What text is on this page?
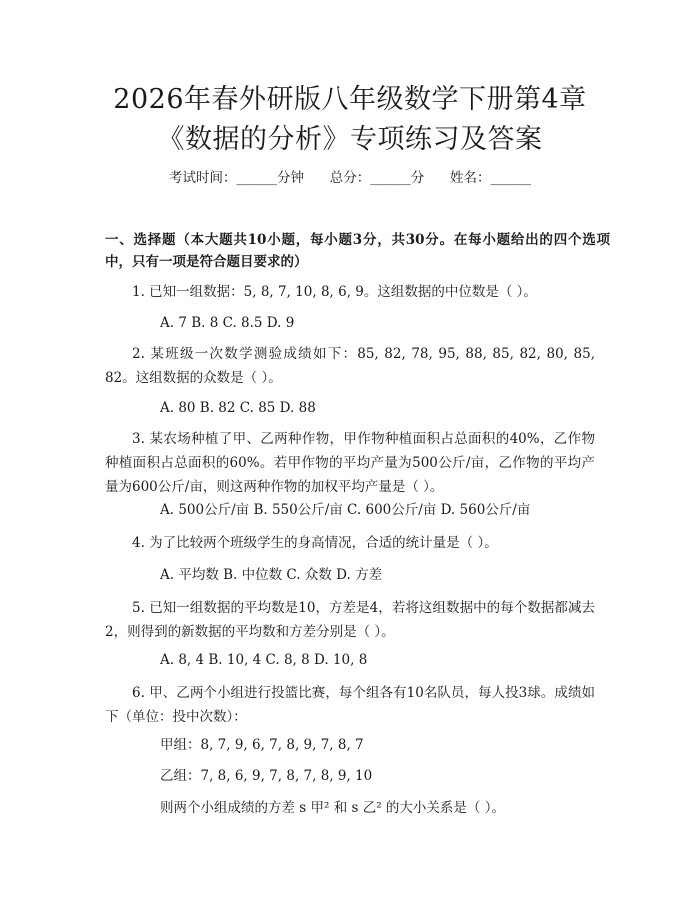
2026年春外研版八年级数学下册第4章《数据的分析》专项练习及答案
考试时间：______分钟      总分：______分      姓名：______
一、选择题（本大题共10小题，每小题3分，共30分。在每小题给出的四个选项中，只有一项是符合题目要求的）
1. 已知一组数据：5, 8, 7, 10, 8, 6, 9。这组数据的中位数是（ ）。
A. 7 B. 8 C. 8.5 D. 9
2. 某班级一次数学测验成绩如下：85, 82, 78, 95, 88, 85, 82, 80, 85, 82。这组数据的众数是（ ）。
A. 80 B. 82 C. 85 D. 88
3. 某农场种植了甲、乙两种作物，甲作物种植面积占总面积的40%，乙作物种植面积占总面积的60%。若甲作物的平均产量为500公斤/亩，乙作物的平均产量为600公斤/亩，则这两种作物的加权平均产量是（ ）。
A. 500公斤/亩 B. 550公斤/亩 C. 600公斤/亩 D. 560公斤/亩
4. 为了比较两个班级学生的身高情况，合适的统计量是（ ）。
A. 平均数 B. 中位数 C. 众数 D. 方差
5. 已知一组数据的平均数是10，方差是4，若将这组数据中的每个数据都减去2，则得到的新数据的平均数和方差分别是（ ）。
A. 8, 4 B. 10, 4 C. 8, 8 D. 10, 8
6. 甲、乙两个小组进行投篮比赛，每个组各有10名队员，每人投3球。成绩如下（单位：投中次数）：
甲组：8, 7, 9, 6, 7, 8, 9, 7, 8, 7
乙组：7, 8, 6, 9, 7, 8, 7, 8, 9, 10
则两个小组成绩的方差 s 甲² 和 s 乙² 的大小关系是（ ）。
